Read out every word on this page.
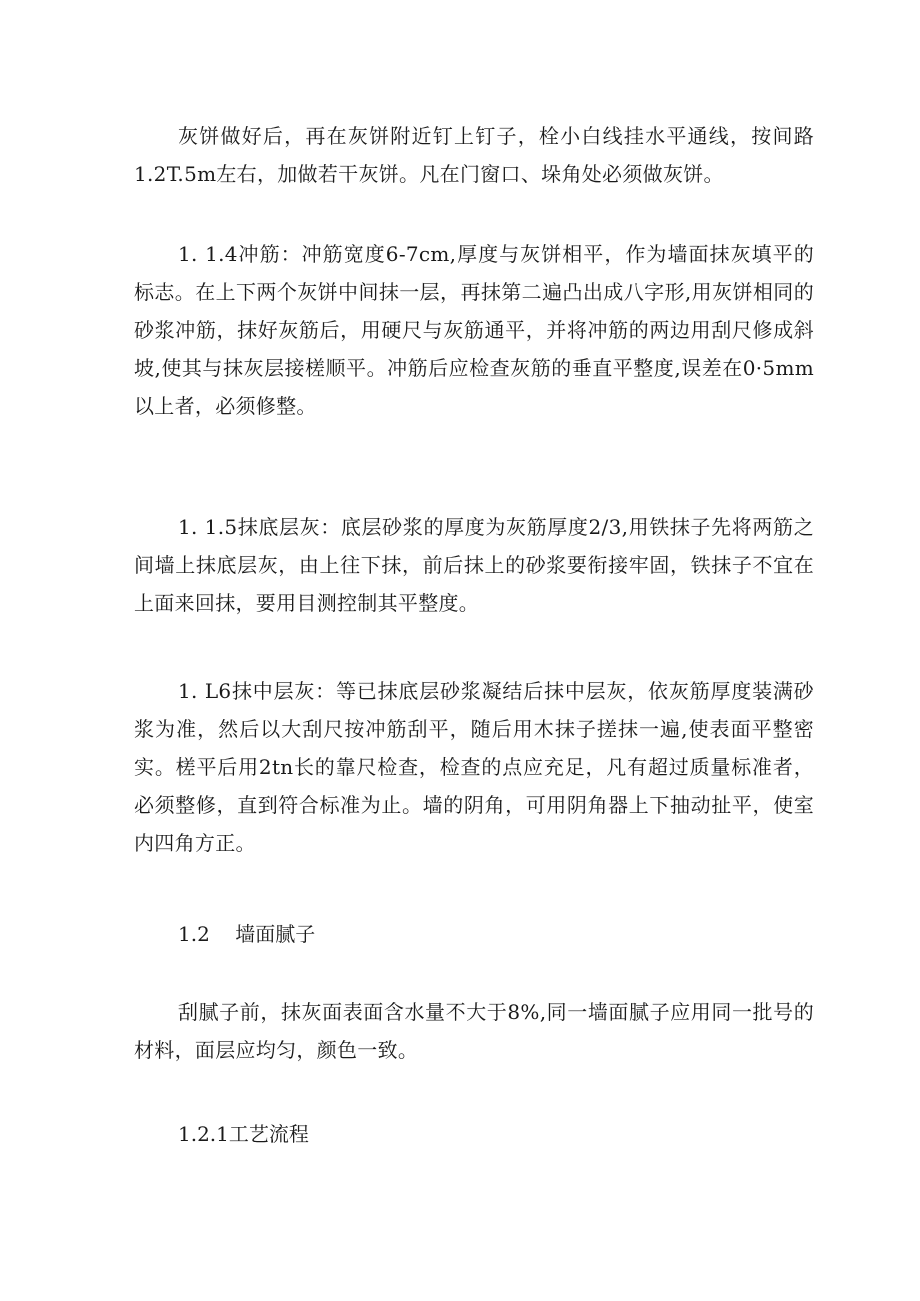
灰饼做好后，再在灰饼附近钉上钉子，栓小白线挂水平通线，按间路1.2T.5m左右，加做若干灰饼。凡在门窗口、垛角处必须做灰饼。

1. 1.4冲筋：冲筋宽度6-7cm,厚度与灰饼相平，作为墙面抹灰填平的标志。在上下两个灰饼中间抹一层，再抹第二遍凸出成八字形,用灰饼相同的砂浆冲筋，抹好灰筋后，用硬尺与灰筋通平，并将冲筋的两边用刮尺修成斜坡,使其与抹灰层接槎顺平。冲筋后应检查灰筋的垂直平整度,误差在0·5mm以上者，必须修整。

1. 1.5抹底层灰：底层砂浆的厚度为灰筋厚度2/3,用铁抹子先将两筋之间墙上抹底层灰，由上往下抹，前后抹上的砂浆要衔接牢固，铁抹子不宜在上面来回抹，要用目测控制其平整度。

1. L6抹中层灰：等已抹底层砂浆凝结后抹中层灰，依灰筋厚度装满砂浆为准，然后以大刮尺按冲筋刮平，随后用木抹子搓抹一遍,使表面平整密实。槎平后用2tn长的靠尺检查，检查的点应充足，凡有超过质量标准者，必须整修，直到符合标准为止。墙的阴角，可用阴角器上下抽动扯平，使室内四角方正。

1.2    墙面腻子

刮腻子前，抹灰面表面含水量不大于8%,同一墙面腻子应用同一批号的材料，面层应均匀，颜色一致。

1.2.1工艺流程
